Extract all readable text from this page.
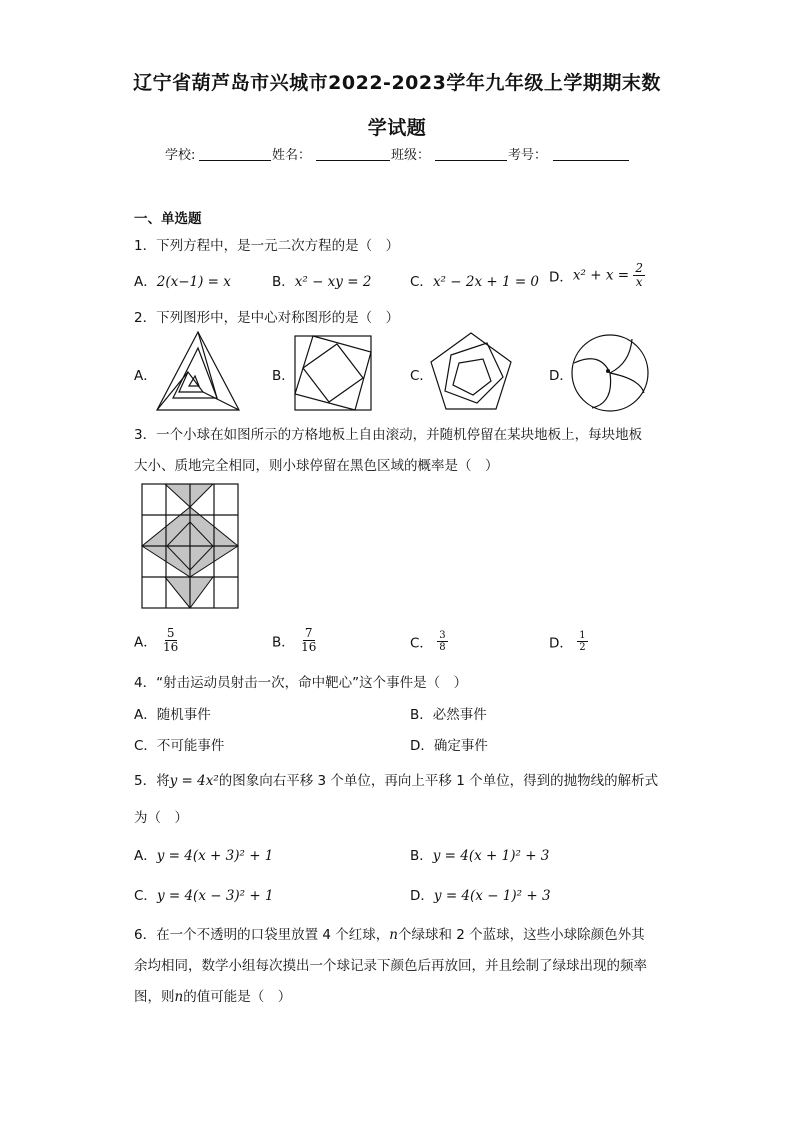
辽宁省葫芦岛市兴城市2022-2023学年九年级上学期期末数
学试题
学校:	姓名：	班级：	考号：
一、单选题
1．下列方程中，是一元二次方程的是（　）
A．2(x−1) = x	B．x² − xy = 2	C．x² − 2x + 1 = 0 D．$x^2 + x = \frac{2}{x}$
2．下列图形中，是中心对称图形的是（　）
A．	B．	C．	D．
3．一个小球在如图所示的方格地板上自由滚动，并随机停留在某块地板上，每块地板
大小、质地完全相同，则小球停留在黑色区域的概率是（　）
A． $\frac{5}{16}$	B． $\frac{7}{16}$	C． $\frac{3}{8}$	D． $\frac{1}{2}$
4．“射击运动员射击一次，命中靶心”这个事件是（　）
A．随机事件	B．必然事件
C．不可能事件	D．确定事件
5．将y = 4x²的图象向右平移 3 个单位，再向上平移 1 个单位，得到的抛物线的解析式
为（　）
A．y = 4(x + 3)² + 1	B．y = 4(x + 1)² + 3
C．y = 4(x − 3)² + 1	D．y = 4(x − 1)² + 3
6．在一个不透明的口袋里放置 4 个红球，n个绿球和 2 个蓝球，这些小球除颜色外其
余均相同，数学小组每次摸出一个球记录下颜色后再放回，并且绘制了绿球出现的频率
图，则n的值可能是（　）
